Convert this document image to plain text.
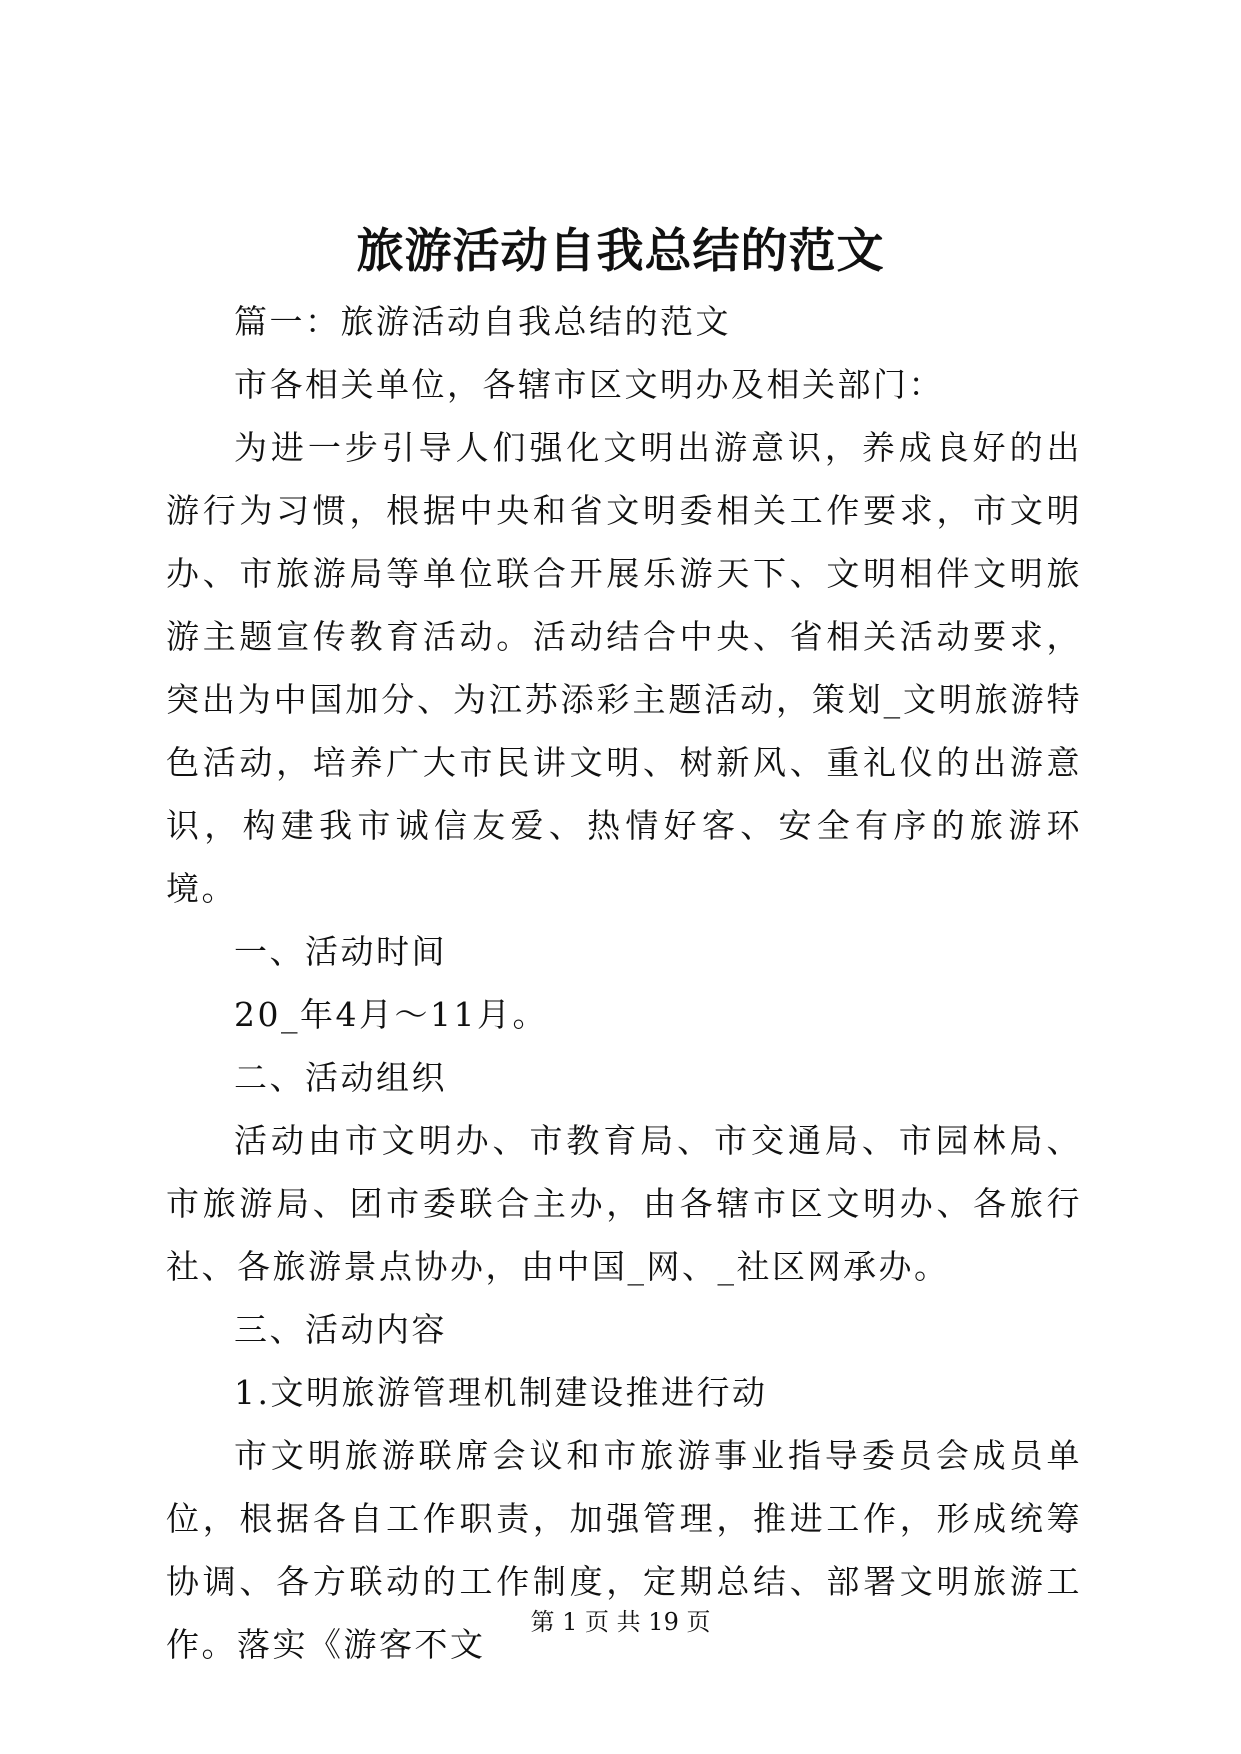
旅游活动自我总结的范文

篇一：旅游活动自我总结的范文

市各相关单位，各辖市区文明办及相关部门：

为进一步引导人们强化文明出游意识，养成良好的出游行为习惯，根据中央和省文明委相关工作要求，市文明办、市旅游局等单位联合开展乐游天下、文明相伴文明旅游主题宣传教育活动。活动结合中央、省相关活动要求，突出为中国加分、为江苏添彩主题活动，策划_文明旅游特色活动，培养广大市民讲文明、树新风、重礼仪的出游意识，构建我市诚信友爱、热情好客、安全有序的旅游环境。

一、活动时间

20_年4月～11月。

二、活动组织

活动由市文明办、市教育局、市交通局、市园林局、市旅游局、团市委联合主办，由各辖市区文明办、各旅行社、各旅游景点协办，由中国_网、_社区网承办。

三、活动内容

1.文明旅游管理机制建设推进行动

市文明旅游联席会议和市旅游事业指导委员会成员单位，根据各自工作职责，加强管理，推进工作，形成统筹协调、各方联动的工作制度，定期总结、部署文明旅游工作。落实《游客不文

第 1 页 共 19 页
